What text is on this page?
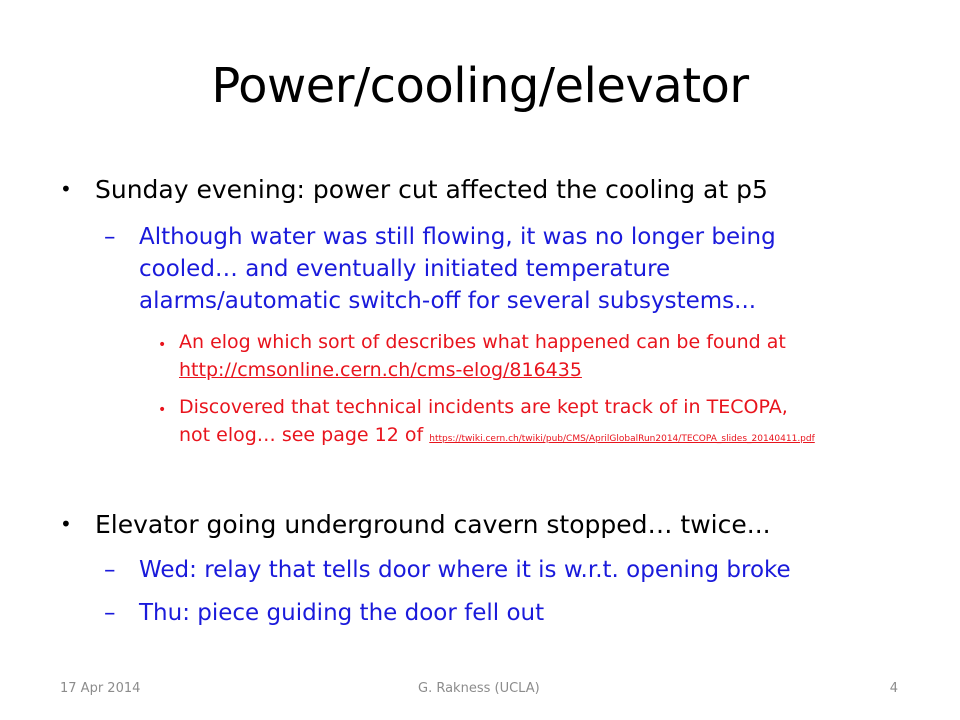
Power/cooling/elevator
• Sunday evening: power cut affected the cooling at p5
– Although water was still flowing, it was no longer being
cooled… and eventually initiated temperature
alarms/automatic switch-off for several subsystems...
• An elog which sort of describes what happened can be found at
http://cmsonline.cern.ch/cms-elog/816435
• Discovered that technical incidents are kept track of in TECOPA,
not elog… see page 12 of https://twiki.cern.ch/twiki/pub/CMS/AprilGlobalRun2014/TECOPA_slides_20140411.pdf
• Elevator going underground cavern stopped… twice...
– Wed: relay that tells door where it is w.r.t. opening broke
– Thu: piece guiding the door fell out
17 Apr 2014	G. Rakness (UCLA)	4
